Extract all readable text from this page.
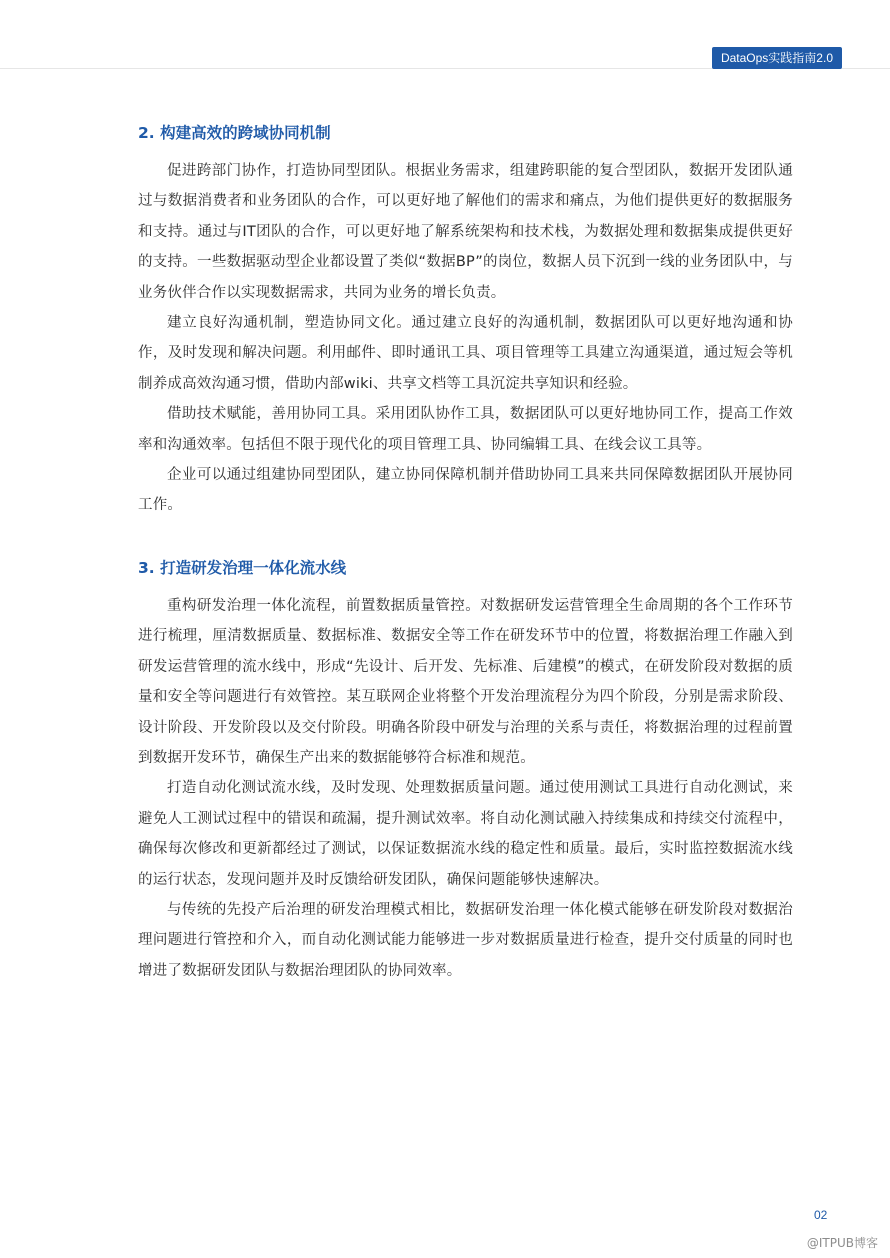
DataOps实践指南2.0
2. 构建高效的跨域协同机制

促进跨部门协作，打造协同型团队。根据业务需求，组建跨职能的复合型团队，数据开发团队通过与数据消费者和业务团队的合作，可以更好地了解他们的需求和痛点，为他们提供更好的数据服务和支持。通过与IT团队的合作，可以更好地了解系统架构和技术栈，为数据处理和数据集成提供更好的支持。一些数据驱动型企业都设置了类似“数据BP”的岗位，数据人员下沉到一线的业务团队中，与业务伙伴合作以实现数据需求，共同为业务的增长负责。

建立良好沟通机制，塑造协同文化。通过建立良好的沟通机制，数据团队可以更好地沟通和协作，及时发现和解决问题。利用邮件、即时通讯工具、项目管理等工具建立沟通渠道，通过短会等机制养成高效沟通习惯，借助内部wiki、共享文档等工具沉淀共享知识和经验。

借助技术赋能，善用协同工具。采用团队协作工具，数据团队可以更好地协同工作，提高工作效率和沟通效率。包括但不限于现代化的项目管理工具、协同编辑工具、在线会议工具等。

企业可以通过组建协同型团队，建立协同保障机制并借助协同工具来共同保障数据团队开展协同工作。

3. 打造研发治理一体化流水线

重构研发治理一体化流程，前置数据质量管控。对数据研发运营管理全生命周期的各个工作环节进行梳理，厘清数据质量、数据标准、数据安全等工作在研发环节中的位置，将数据治理工作融入到研发运营管理的流水线中，形成“先设计、后开发、先标准、后建模”的模式，在研发阶段对数据的质量和安全等问题进行有效管控。某互联网企业将整个开发治理流程分为四个阶段，分别是需求阶段、设计阶段、开发阶段以及交付阶段。明确各阶段中研发与治理的关系与责任，将数据治理的过程前置到数据开发环节，确保生产出来的数据能够符合标准和规范。

打造自动化测试流水线，及时发现、处理数据质量问题。通过使用测试工具进行自动化测试，来避免人工测试过程中的错误和疏漏，提升测试效率。将自动化测试融入持续集成和持续交付流程中，确保每次修改和更新都经过了测试，以保证数据流水线的稳定性和质量。最后，实时监控数据流水线的运行状态，发现问题并及时反馈给研发团队，确保问题能够快速解决。

与传统的先投产后治理的研发治理模式相比，数据研发治理一体化模式能够在研发阶段对数据治理问题进行管控和介入，而自动化测试能力能够进一步对数据质量进行检查，提升交付质量的同时也增进了数据研发团队与数据治理团队的协同效率。

02
@ITPUB博客
